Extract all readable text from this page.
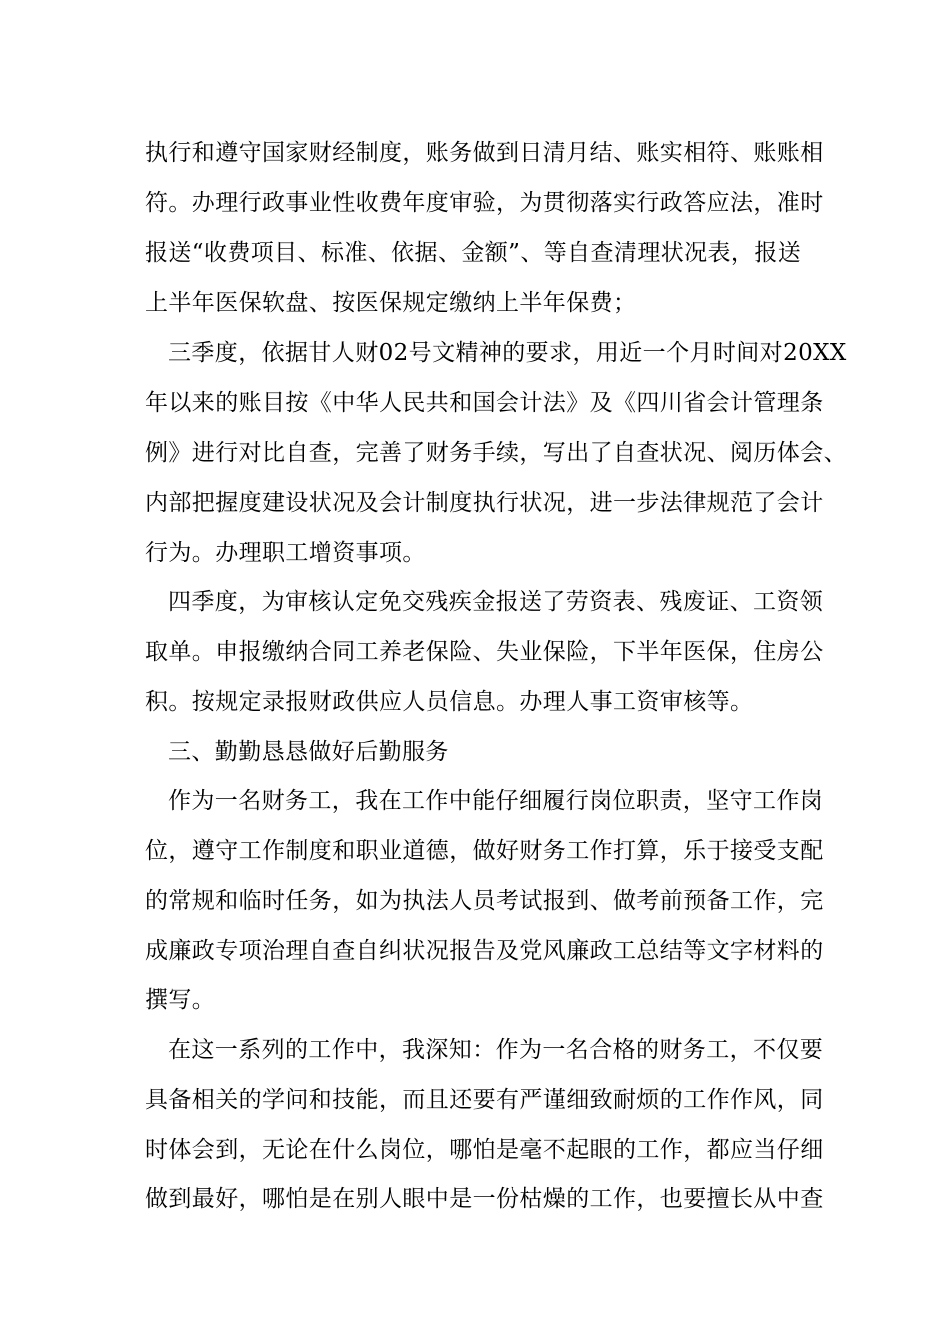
执行和遵守国家财经制度，账务做到日清月结、账实相符、账账相

符。办理行政事业性收费年度审验，为贯彻落实行政答应法，准时

报送“收费项目、标准、依据、金额”、等自查清理状况表，报送

上半年医保软盘、按医保规定缴纳上半年保费；

三季度，依据甘人财02号文精神的要求，用近一个月时间对20XX

年以来的账目按《中华人民共和国会计法》及《四川省会计管理条

例》进行对比自查，完善了财务手续，写出了自查状况、阅历体会、

内部把握度建设状况及会计制度执行状况，进一步法律规范了会计

行为。办理职工增资事项。

四季度，为审核认定免交残疾金报送了劳资表、残废证、工资领

取单。申报缴纳合同工养老保险、失业保险，下半年医保，住房公

积。按规定录报财政供应人员信息。办理人事工资审核等。

三、勤勤恳恳做好后勤服务

作为一名财务工，我在工作中能仔细履行岗位职责，坚守工作岗

位，遵守工作制度和职业道德，做好财务工作打算，乐于接受支配

的常规和临时任务，如为执法人员考试报到、做考前预备工作，完

成廉政专项治理自查自纠状况报告及党风廉政工总结等文字材料的

撰写。

在这一系列的工作中，我深知：作为一名合格的财务工，不仅要

具备相关的学问和技能，而且还要有严谨细致耐烦的工作作风，同

时体会到，无论在什么岗位，哪怕是毫不起眼的工作，都应当仔细

做到最好，哪怕是在别人眼中是一份枯燥的工作，也要擅长从中查
